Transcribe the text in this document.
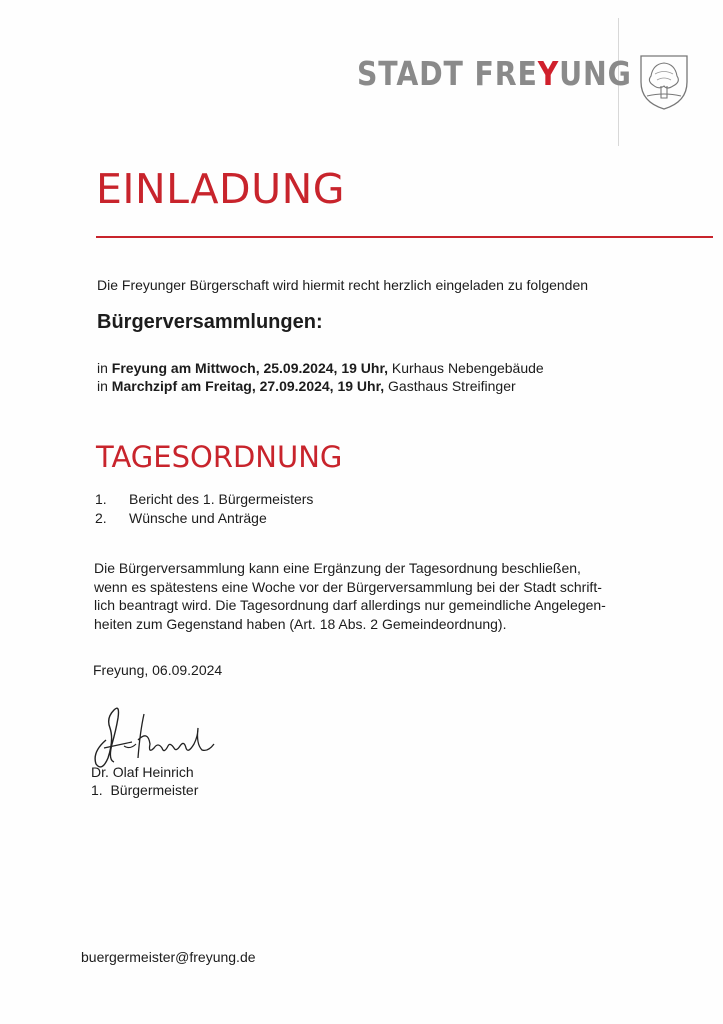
STADT FREYUNG
EINLADUNG
Die Freyunger Bürgerschaft wird hiermit recht herzlich eingeladen zu folgenden
Bürgerversammlungen:
in Freyung am Mittwoch, 25.09.2024, 19 Uhr, Kurhaus Nebengebäude
in Marchzipf am Freitag, 27.09.2024, 19 Uhr, Gasthaus Streifinger
TAGESORDNUNG
1.	Bericht des 1. Bürgermeisters
2.	Wünsche und Anträge
Die Bürgerversammlung kann eine Ergänzung der Tagesordnung beschließen,
wenn es spätestens eine Woche vor der Bürgerversammlung bei der Stadt schrift-
lich beantragt wird. Die Tagesordnung darf allerdings nur gemeindliche Angelegen-
heiten zum Gegenstand haben (Art. 18 Abs. 2 Gemeindeordnung).
Freyung, 06.09.2024
Dr. Olaf Heinrich
1.  Bürgermeister
buergermeister@freyung.de
